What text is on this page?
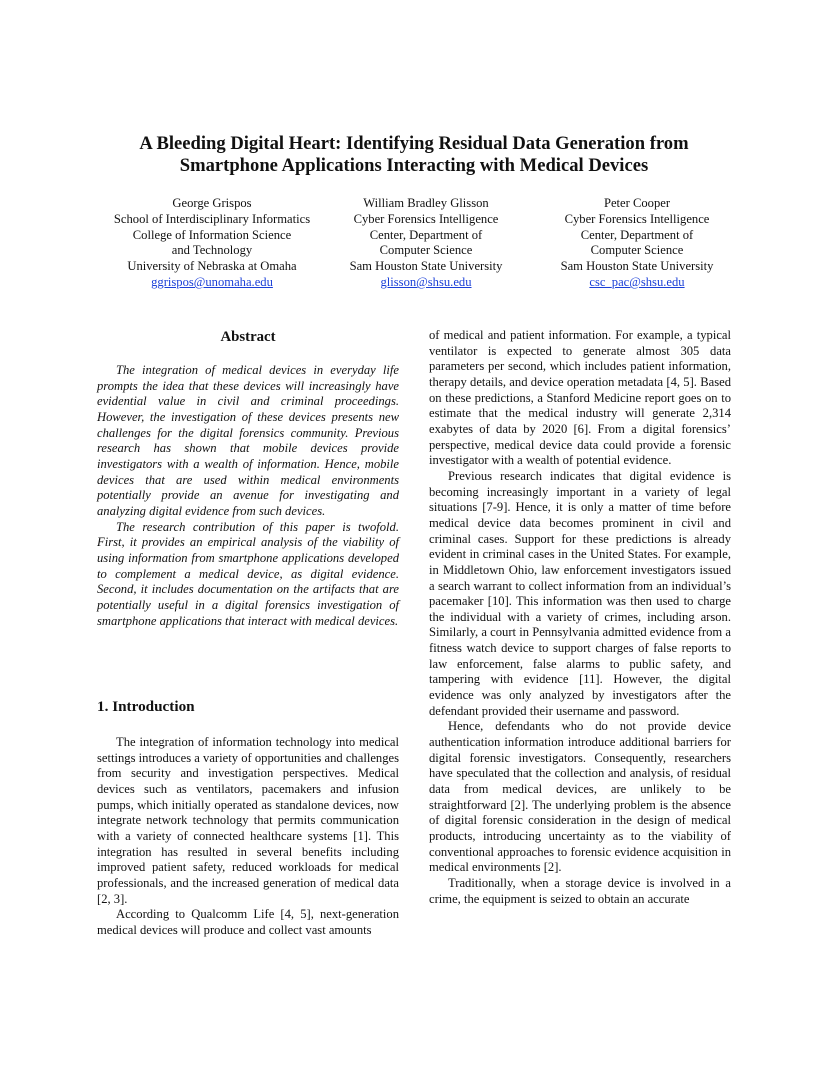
A Bleeding Digital Heart: Identifying Residual Data Generation from
Smartphone Applications Interacting with Medical Devices
George Grispos
School of Interdisciplinary Informatics
College of Information Science
and Technology
University of Nebraska at Omaha
ggrispos@unomaha.edu
William Bradley Glisson
Cyber Forensics Intelligence
Center, Department of
Computer Science
Sam Houston State University
glisson@shsu.edu
Peter Cooper
Cyber Forensics Intelligence
Center, Department of
Computer Science
Sam Houston State University
csc_pac@shsu.edu
Abstract

The integration of medical devices in everyday life prompts the idea that these devices will increasingly have evidential value in civil and criminal proceedings. However, the investigation of these devices presents new challenges for the digital forensics community. Previous research has shown that mobile devices provide investigators with a wealth of information. Hence, mobile devices that are used within medical environments potentially provide an avenue for investigating and analyzing digital evidence from such devices.

The research contribution of this paper is twofold. First, it provides an empirical analysis of the viability of using information from smartphone applications developed to complement a medical device, as digital evidence. Second, it includes documentation on the artifacts that are potentially useful in a digital forensics investigation of smartphone applications that interact with medical devices.

1. Introduction

The integration of information technology into medical settings introduces a variety of opportunities and challenges from security and investigation perspectives. Medical devices such as ventilators, pacemakers and infusion pumps, which initially operated as standalone devices, now integrate network technology that permits communication with a variety of connected healthcare systems [1]. This integration has resulted in several benefits including improved patient safety, reduced workloads for medical professionals, and the increased generation of medical data [2, 3].

According to Qualcomm Life [4, 5], next-generation medical devices will produce and collect vast amounts

of medical and patient information. For example, a typical ventilator is expected to generate almost 305 data parameters per second, which includes patient information, therapy details, and device operation metadata [4, 5]. Based on these predictions, a Stanford Medicine report goes on to estimate that the medical industry will generate 2,314 exabytes of data by 2020 [6]. From a digital forensics’ perspective, medical device data could provide a forensic investigator with a wealth of potential evidence.

Previous research indicates that digital evidence is becoming increasingly important in a variety of legal situations [7-9]. Hence, it is only a matter of time before medical device data becomes prominent in civil and criminal cases. Support for these predictions is already evident in criminal cases in the United States. For example, in Middletown Ohio, law enforcement investigators issued a search warrant to collect information from an individual’s pacemaker [10]. This information was then used to charge the individual with a variety of crimes, including arson. Similarly, a court in Pennsylvania admitted evidence from a fitness watch device to support charges of false reports to law enforcement, false alarms to public safety, and tampering with evidence [11]. However, the digital evidence was only analyzed by investigators after the defendant provided their username and password.

Hence, defendants who do not provide device authentication information introduce additional barriers for digital forensic investigators. Consequently, researchers have speculated that the collection and analysis, of residual data from medical devices, are unlikely to be straightforward [2]. The underlying problem is the absence of digital forensic consideration in the design of medical products, introducing uncertainty as to the viability of conventional approaches to forensic evidence acquisition in medical environments [2].

Traditionally, when a storage device is involved in a crime, the equipment is seized to obtain an accurate
